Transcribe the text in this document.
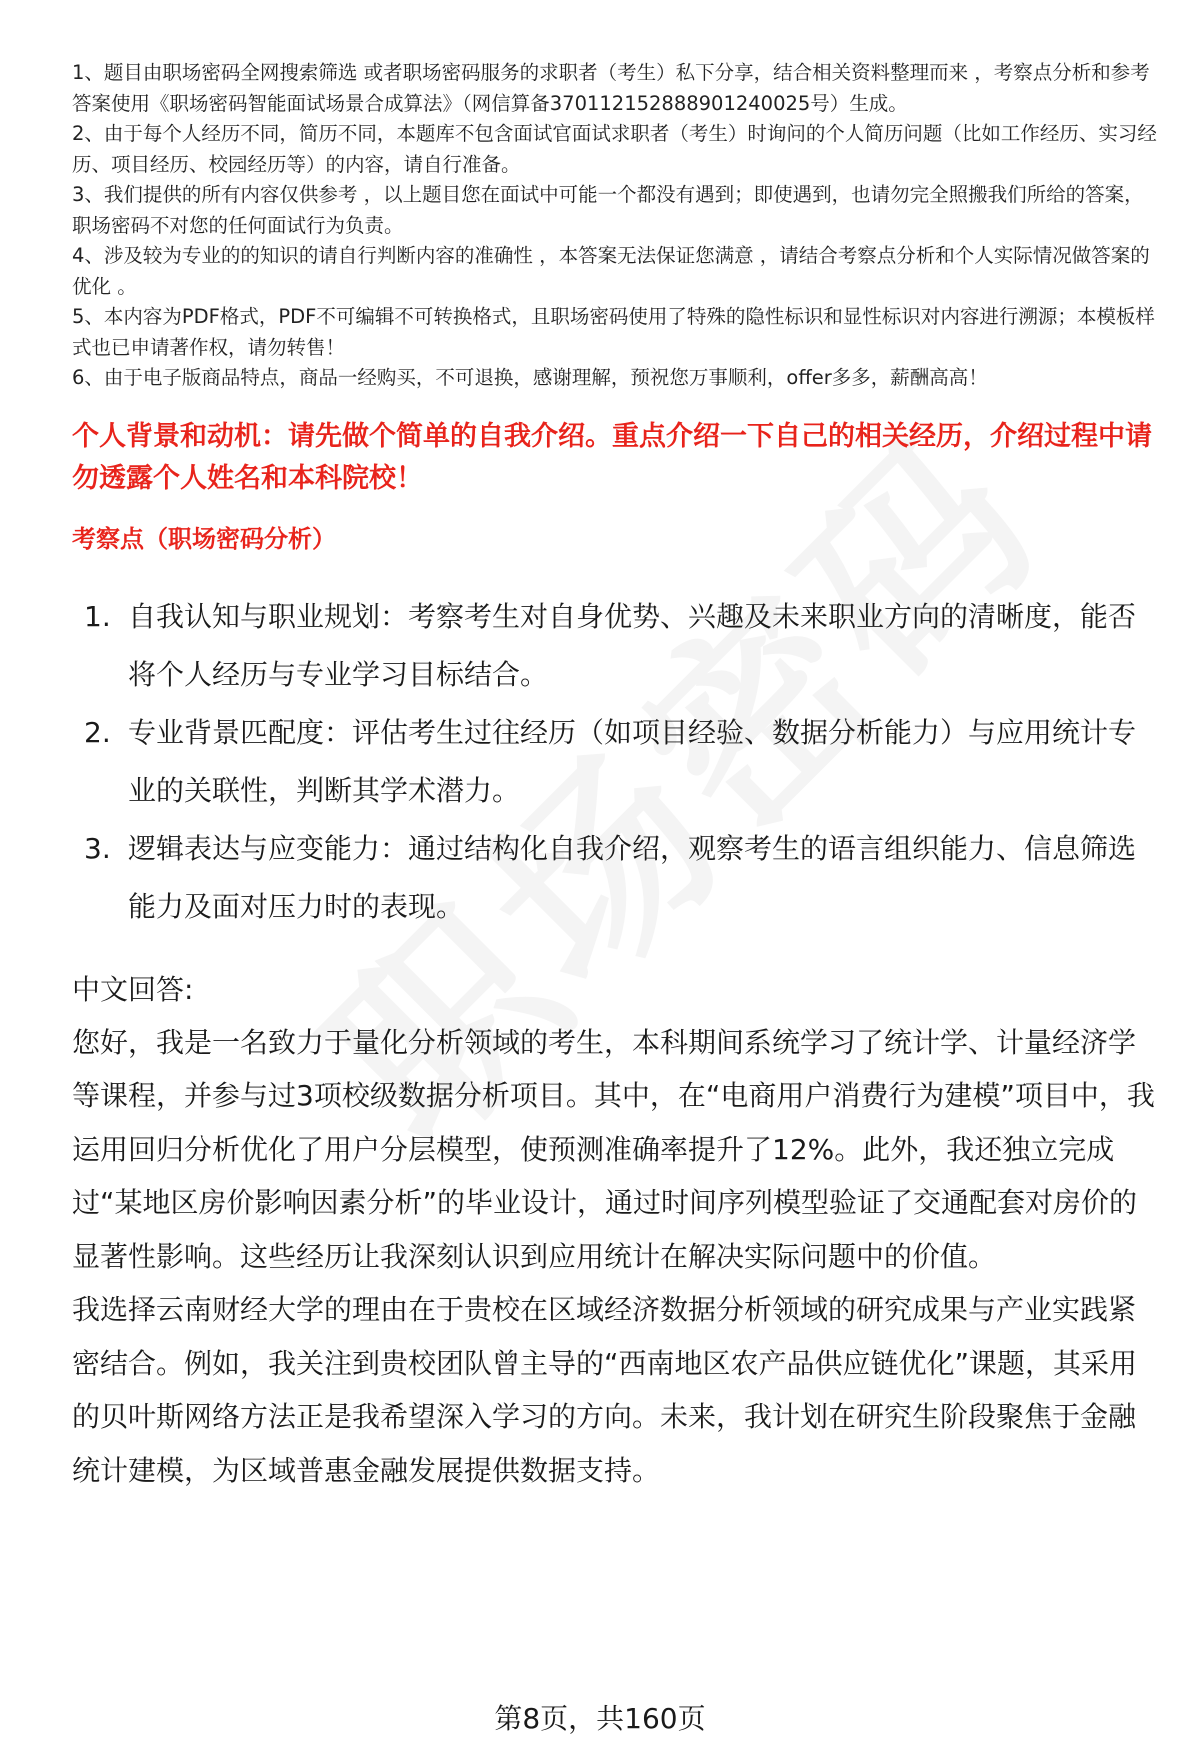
1、题目由职场密码全网搜索筛选 或者职场密码服务的求职者（考生）私下分享，结合相关资料整理而来 ，考察点分析和参考答案使用《职场密码智能面试场景合成算法》（网信算备370112152888901240025号）生成。

2、由于每个人经历不同，简历不同，本题库不包含面试官面试求职者（考生）时询问的个人简历问题（比如工作经历、实习经历、项目经历、校园经历等）的内容，请自行准备。

3、我们提供的所有内容仅供参考 ，以上题目您在面试中可能一个都没有遇到；即使遇到，也请勿完全照搬我们所给的答案，职场密码不对您的任何面试行为负责。

4、涉及较为专业的的知识的请自行判断内容的准确性 ，本答案无法保证您满意 ，请结合考察点分析和个人实际情况做答案的优化 。

5、本内容为PDF格式，PDF不可编辑不可转换格式，且职场密码使用了特殊的隐性标识和显性标识对内容进行溯源；本模板样式也已申请著作权，请勿转售！

6、由于电子版商品特点，商品一经购买，不可退换，感谢理解，预祝您万事顺利，offer多多，薪酬高高！

个人背景和动机：请先做个简单的自我介绍。重点介绍一下自己的相关经历，介绍过程中请勿透露个人姓名和本科院校！
考察点（职场密码分析）
1. 自我认知与职业规划：考察考生对自身优势、兴趣及未来职业方向的清晰度，能否将个人经历与专业学习目标结合。
2. 专业背景匹配度：评估考生过往经历（如项目经验、数据分析能力）与应用统计专业的关联性，判断其学术潜力。
3. 逻辑表达与应变能力：通过结构化自我介绍，观察考生的语言组织能力、信息筛选能力及面对压力时的表现。
中文回答:

您好，我是一名致力于量化分析领域的考生，本科期间系统学习了统计学、计量经济学等课程，并参与过3项校级数据分析项目。其中，在“电商用户消费行为建模”项目中，我运用回归分析优化了用户分层模型，使预测准确率提升了12%。此外，我还独立完成过“某地区房价影响因素分析”的毕业设计，通过时间序列模型验证了交通配套对房价的显著性影响。这些经历让我深刻认识到应用统计在解决实际问题中的价值。

我选择云南财经大学的理由在于贵校在区域经济数据分析领域的研究成果与产业实践紧密结合。例如，我关注到贵校团队曾主导的“西南地区农产品供应链优化”课题，其采用的贝叶斯网络方法正是我希望深入学习的方向。未来，我计划在研究生阶段聚焦于金融统计建模，为区域普惠金融发展提供数据支持。

第8页，共160页
